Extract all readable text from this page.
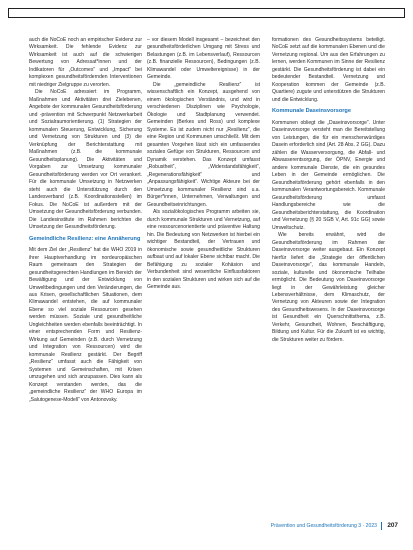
auch die NoCoE noch an empirischer Evidenz zur Wirksamkeit. Die fehlende Evidenz zur Wirksamkeit ist auch auf die schwierigen Bewertung von Adressat*innen und der Indikatoren für „Outcomes“ und „Impact“ bei komplexen gesundheitsfördernden Interventionen mit niedriger Zielgruppe zu verorten.

Die NoCoE adressiert im Programm, Maßnahmen und Aktivitäten drei Zielebenen, Angebote der kommunalen Gesundheitsförderung und -prävention mit Schwerpunkt Netzwerkarbeit und Sozialraumorientierung. (1) Strategien der kommunalen Steuerung, Entwicklung, Sicherung und Vernetzung von Strukturen und (3) die Verknüpfung der Berichterstattung mit Maßnahmen (z.B. die kommunale Gesundheitsplanung). Die Aktivitäten und Vorgaben zur Umsetzung kommunaler Gesundheitsförderung werden vor Ort verankert. Für die kommunale Umsetzung in Netzwerken steht auch die Unterstützung durch den Landesverband (z.B. Koordinationsstellen) im Fokus. Die NoCoE ist außerdem mit der Umsetzung der Gesundheitsförderung verbunden. Die Landesinstitute im Rahmen berichten die Umsetzung der Gesundheitsförderung.

Gemeindliche Resilienz: eine Annäherung

Mit dem Ziel der „Resilienz“ hat die WHO 2019 in ihrer Hauptverhandlung im nordeuropäischen Raum gemeinsam den Strategien der gesundheitsgerechten Handlungen im Bereich der Bewältigung und der Entwicklung von Umweltbedingungen und den Veränderungen, die aus Krisen, gesellschaftlichen Situationen, dem Klimawandel entstehen, die auf kommunaler Ebene so viel soziale Ressourcen gesehen werden müssen. Soziale und gesundheitliche Ungleichheiten werden ebenfalls beeinträchtigt. In einer entsprechenden Form und Resilienz-Wirkung auf Gemeinden (z.B. durch Vernetzung und Integration von Ressourcen) wird die kommunale Resilienz gestärkt. Der Begriff „Resilienz“ umfasst auch die Fähigkeit von Systemen und Gemeinschaften, mit Krisen umzugehen und sich anzupassen. Dies kann als Konzept verstanden werden, das die „gemeindliche Resilienz“ der WHO Europa im „Salutogenese-Modell“ von Antonovsky.

– vor diesem Modell insgesamt – bezeichnet den gesundheitsförderlichen Umgang mit Stress und Belastungen (z.B. im Lebensverlauf), Ressourcen (z.B. finanzielle Ressourcen), Bedingungen (z.B. Klimawandel oder Umweltereignisse) in der Gemeinde.

Die „gemeindliche Resilienz“ ist wissenschaftlich ein Konzept, ausgehend von einem ökologischen Verständnis, und wird in verschiedenen Disziplinen wie Psychologie, Ökologie und Stadtplanung verwendet. Gemeinden (Berkes und Ross) und komplexe Systeme. Es ist zudem nicht nur „Resilienz“, die eine Region und Kommunen umschließt. Mit dem gesamten Vorgehen lässt sich ein umfassendes soziales Gefüge von Strukturen, Ressourcen und Dynamik verstehen. Das Konzept umfasst „Robustheit“, „Widerstandsfähigkeit“, „Regenerationsfähigkeit“ und „Anpassungsfähigkeit“. Wichtige Akteure bei der Umsetzung kommunaler Resilienz sind u.a. Bürger*innen, Unternehmen, Verwaltungen und Gesundheitseinrichtungen.

Als sozialökologisches Programm arbeiten sie, durch kommunale Strukturen und Vernetzung, auf eine ressourcenorientierte und präventive Haltung hin. Die Bedeutung von Netzwerken ist hierbei ein wichtiger Bestandteil, der Vertrauen und ökonomische sowie gesundheitliche Strukturen aufbaut und auf lokaler Ebene sichtbar macht. Die Befähigung zu sozialer Kohäsion und Verbundenheit sind wesentliche Einflussfaktoren in den sozialen Strukturen und wirken sich auf die Gemeinde aus.

formationen des Gesundheitssystems beteiligt. NoCoE setzt auf die kommunalen Ebenen und die Vernetzung regional. Um aus den Erfahrungen zu lernen, werden Kommunen im Sinne der Resilienz gestärkt. Die Gesundheitsförderung ist dabei ein bedeutender Bestandteil. Vernetzung und Kooperation kommen der Gemeinde (z.B. Quartiere) zugute und unterstützen die Strukturen und die Entwicklung.

Kommunale Daseinsvorsorge

Kommunen obliegt die „Daseinsvorsorge“. Unter Daseinsvorsorge versteht man die Bereitstellung von Leistungen, die für ein menschenwürdiges Dasein erforderlich sind (Art. 28 Abs. 2 GG). Dazu zählen die Wasserversorgung, die Abfall- und Abwasserentsorgung, der ÖPNV, Energie und andere kommunale Dienste, die ein gesundes Leben in der Gemeinde ermöglichen. Die Gesundheitsförderung gehört ebenfalls in den kommunalen Verantwortungsbereich. Kommunale Gesundheitsförderung umfasst Handlungsbereiche wie die Gesundheitsberichterstattung, die Koordination und Vernetzung (§ 20 SGB V, Art. 91c GG) sowie Umweltschutz.

Wie bereits erwähnt, wird die Gesundheitsförderung im Rahmen der Daseinsvorsorge weiter ausgebaut. Ein Konzept hierfür liefert die „Strategie der öffentlichen Daseinsvorsorge“, das kommunale Handeln, soziale, kulturelle und ökonomische Teilhabe ermöglicht. Die Bedeutung von Daseinsvorsorge liegt in der Gewährleistung gleicher Lebensverhältnisse, dem Klimaschutz, der Vernetzung von Akteuren sowie der Integration des Gesundheitswesens. In der Daseinsvorsorge ist Gesundheit ein Querschnittsthema, z.B. Verkehr, Gesundheit, Wohnen, Beschäftigung, Bildung und Kultur. Für die Zukunft ist es wichtig, die Strukturen weiter zu fördern.

Prävention und Gesundheitsförderung 3 · 2023 207
